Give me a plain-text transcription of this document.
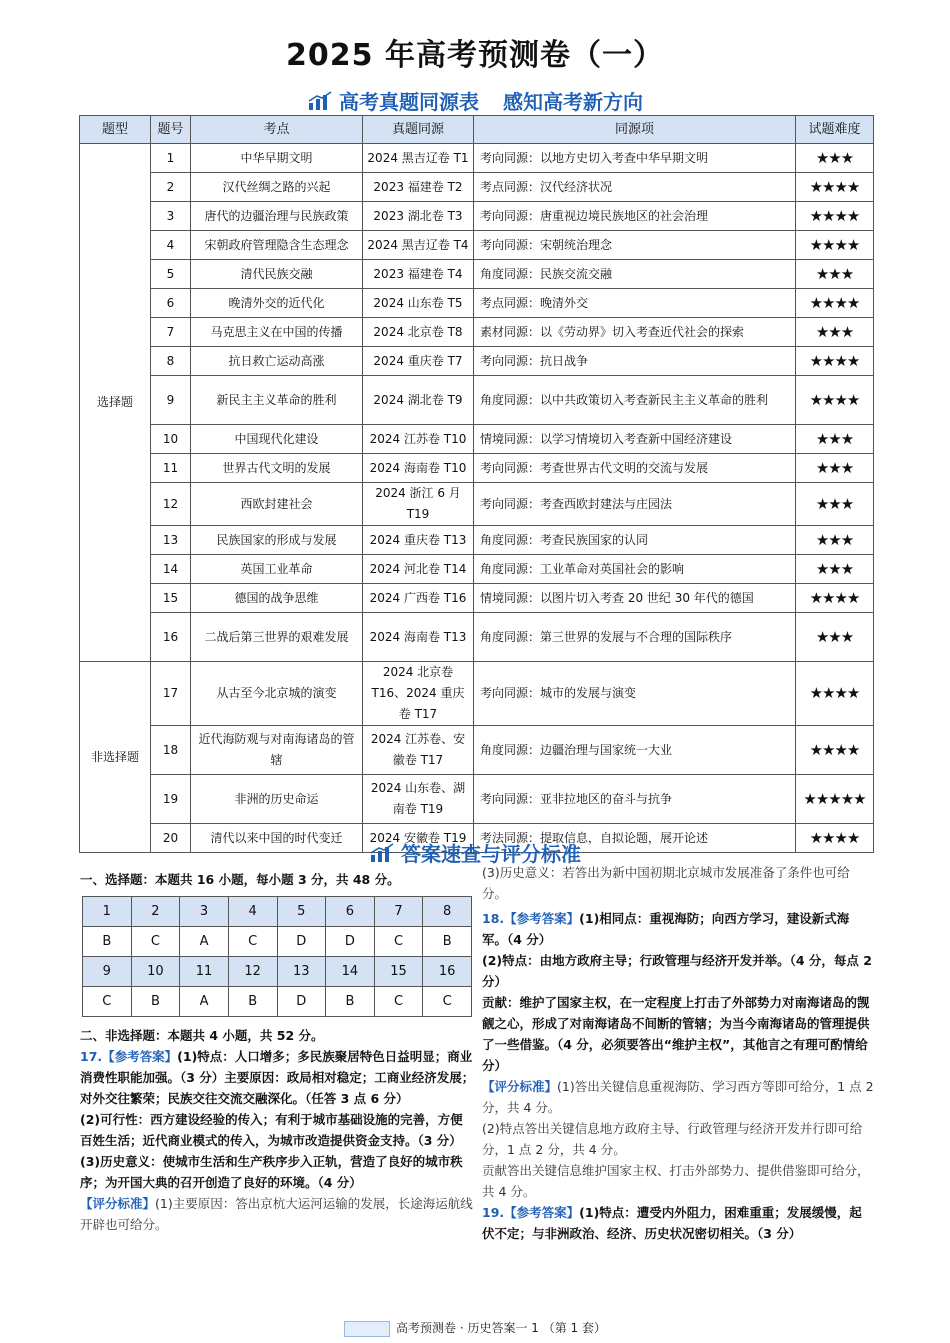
2025 年高考预测卷（一）
高考真题同源表 感知高考新方向
题型	题号	考点	真题同源	同源项	试题难度
选择题	1	中华早期文明	2024 黑吉辽卷 T1	考向同源：以地方史切入考查中华早期文明	★★★
	2	汉代丝绸之路的兴起	2023 福建卷 T2	考点同源：汉代经济状况	★★★★
	3	唐代的边疆治理与民族政策	2023 湖北卷 T3	考向同源：唐重视边境民族地区的社会治理	★★★★
	4	宋朝政府管理隐含生态理念	2024 黑吉辽卷 T4	考向同源：宋朝统治理念	★★★★
	5	清代民族交融	2023 福建卷 T4	角度同源：民族交流交融	★★★
	6	晚清外交的近代化	2024 山东卷 T5	考点同源：晚清外交	★★★★
	7	马克思主义在中国的传播	2024 北京卷 T8	素材同源：以《劳动界》切入考查近代社会的探索	★★★
	8	抗日救亡运动高涨	2024 重庆卷 T7	考向同源：抗日战争	★★★★
	9	新民主主义革命的胜利	2024 湖北卷 T9	角度同源：以中共政策切入考查新民主主义革命的胜利	★★★★
	10	中国现代化建设	2024 江苏卷 T10	情境同源：以学习情境切入考查新中国经济建设	★★★
	11	世界古代文明的发展	2024 海南卷 T10	考向同源：考查世界古代文明的交流与发展	★★★
	12	西欧封建社会	2024 浙江 6 月 T19	考向同源：考查西欧封建法与庄园法	★★★
	13	民族国家的形成与发展	2024 重庆卷 T13	角度同源：考查民族国家的认同	★★★
	14	英国工业革命	2024 河北卷 T14	角度同源：工业革命对英国社会的影响	★★★
	15	德国的战争思维	2024 广西卷 T16	情境同源：以图片切入考查 20 世纪 30 年代的德国	★★★★
	16	二战后第三世界的艰难发展	2024 海南卷 T13	角度同源：第三世界的发展与不合理的国际秩序	★★★
非选择题	17	从古至今北京城的演变	2024 北京卷 T16、2024 重庆卷 T17	考向同源：城市的发展与演变	★★★★
	18	近代海防观与对南海诸岛的管辖	2024 江苏卷、安徽卷 T17	角度同源：边疆治理与国家统一大业	★★★★
	19	非洲的历史命运	2024 山东卷、湖南卷 T19	考向同源：亚非拉地区的奋斗与抗争	★★★★★
	20	清代以来中国的时代变迁	2024 安徽卷 T19	考法同源：提取信息，自拟论题，展开论述	★★★★
答案速查与评分标准

一、选择题：本题共 16 小题，每小题 3 分，共 48 分。

1	2	3	4	5	6	7	8
B	C	A	C	D	D	C	B
9	10	11	12	13	14	15	16
C	B	A	B	D	B	C	C

二、非选择题：本题共 4 小题，共 52 分。

17.【参考答案】(1)特点：人口增多；多民族聚居特色日益明显；商业消费性职能加强。（3 分）主要原因：政局相对稳定；工商业经济发展；对外交往繁荣；民族交往交流交融深化。（任答 3 点 6 分）

(2)可行性：西方建设经验的传入；有利于城市基础设施的完善，方便百姓生活；近代商业模式的传入，为城市改造提供资金支持。（3 分）

(3)历史意义：使城市生活和生产秩序步入正轨，营造了良好的城市秩序；为开国大典的召开创造了良好的环境。（4 分）

【评分标准】(1)主要原因：答出京杭大运河运输的发展，长途海运航线开辟也可给分。

(3)历史意义：若答出为新中国初期北京城市发展准备了条件也可给分。

18.【参考答案】(1)相同点：重视海防；向西方学习，建设新式海军。（4 分）

(2)特点：由地方政府主导；行政管理与经济开发并举。（4 分，每点 2 分）

贡献：维护了国家主权，在一定程度上打击了外部势力对南海诸岛的觊觎之心，形成了对南海诸岛不间断的管辖；为当今南海诸岛的管理提供了一些借鉴。（4 分，必须要答出“维护主权”，其他言之有理可酌情给分）

【评分标准】(1)答出关键信息重视海防、学习西方等即可给分，1 点 2 分，共 4 分。

(2)特点答出关键信息地方政府主导、行政管理与经济开发并行即可给分，1 点 2 分，共 4 分。

贡献答出关键信息维护国家主权、打击外部势力、提供借鉴即可给分，共 4 分。

19.【参考答案】(1)特点：遭受内外阻力，困难重重；发展缓慢，起伏不定；与非洲政治、经济、历史状况密切相关。（3 分）

高考预测卷 · 历史答案一 1 （第 1 套）
